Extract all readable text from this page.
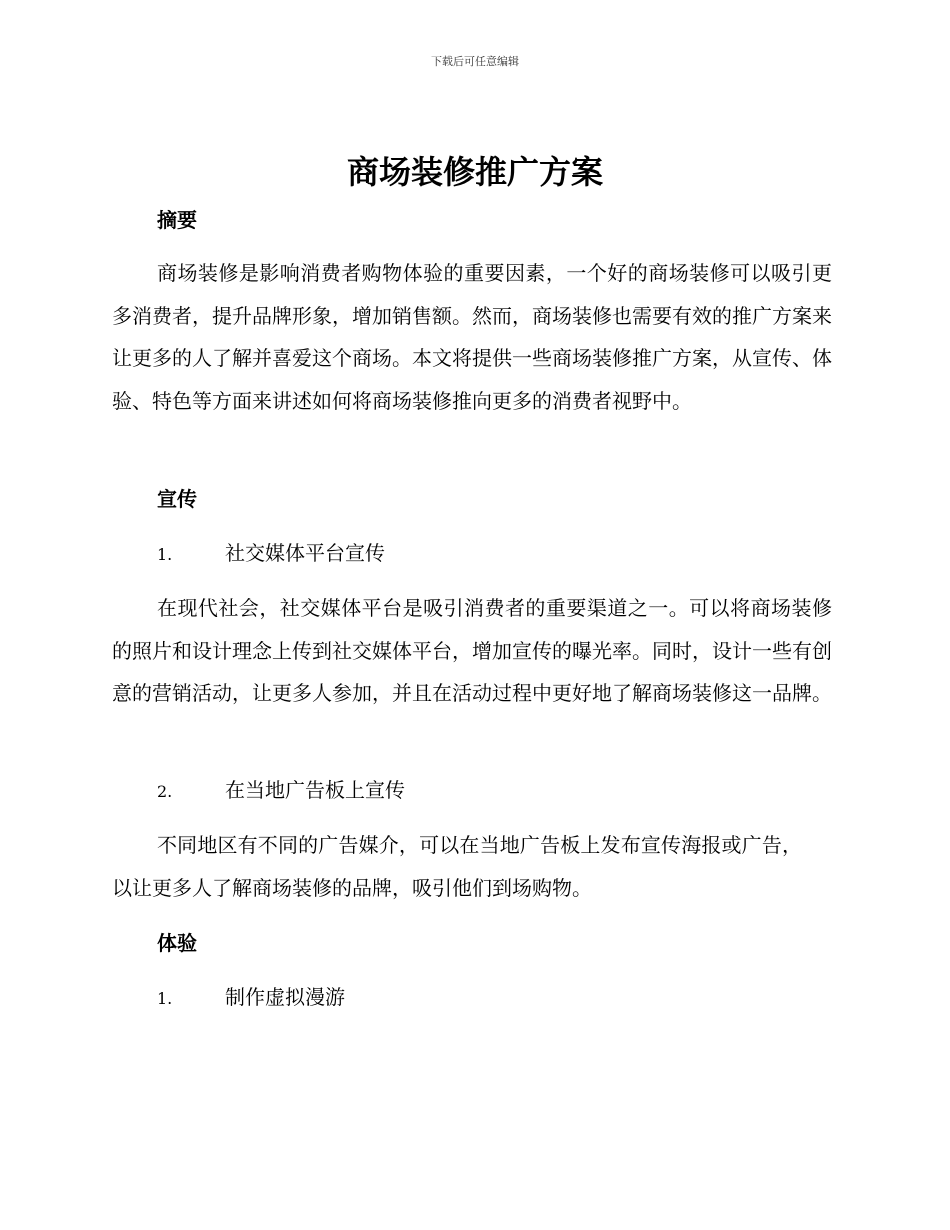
下载后可任意编辑
商场装修推广方案
摘要

商场装修是影响消费者购物体验的重要因素，一个好的商场装修可以吸引更多消费者，提升品牌形象，增加销售额。然而，商场装修也需要有效的推广方案来让更多的人了解并喜爱这个商场。本文将提供一些商场装修推广方案，从宣传、体验、特色等方面来讲述如何将商场装修推向更多的消费者视野中。

宣传
1.	社交媒体平台宣传

在现代社会，社交媒体平台是吸引消费者的重要渠道之一。可以将商场装修的照片和设计理念上传到社交媒体平台，增加宣传的曝光率。同时，设计一些有创意的营销活动，让更多人参加，并且在活动过程中更好地了解商场装修这一品牌。

2.	在当地广告板上宣传

不同地区有不同的广告媒介，可以在当地广告板上发布宣传海报或广告，以让更多人了解商场装修的品牌，吸引他们到场购物。

体验
1.	制作虚拟漫游
